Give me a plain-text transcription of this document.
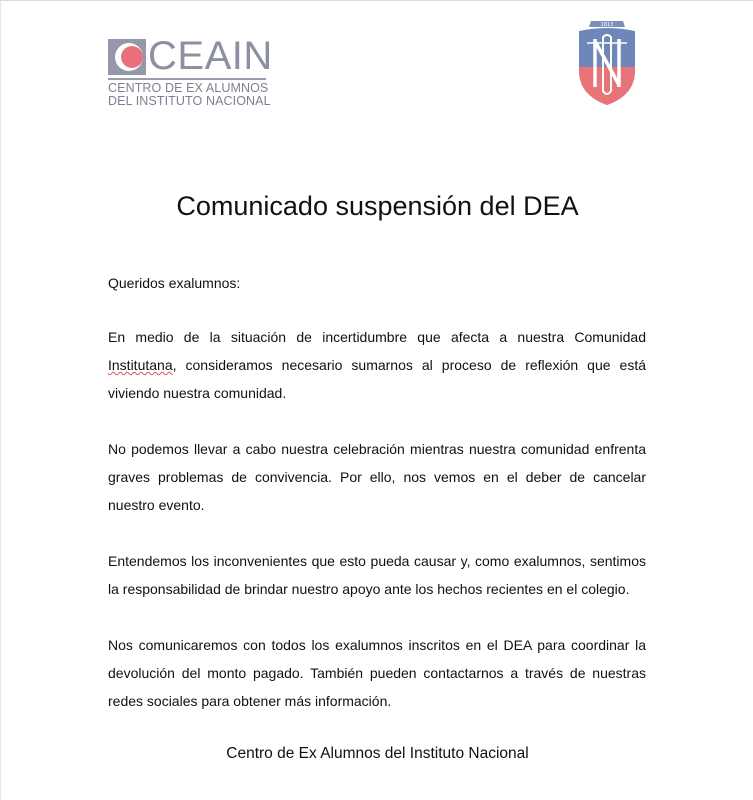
CEAIN
CENTRO DE EX ALUMNOS
DEL INSTITUTO NACIONAL
1813
Comunicado suspensión del DEA
Queridos exalumnos:

En medio de la situación de incertidumbre que afecta a nuestra Comunidad Institutana, consideramos necesario sumarnos al proceso de reflexión que está viviendo nuestra comunidad.

No podemos llevar a cabo nuestra celebración mientras nuestra comunidad enfrenta graves problemas de convivencia. Por ello, nos vemos en el deber de cancelar nuestro evento.

Entendemos los inconvenientes que esto pueda causar y, como exalumnos, sentimos la responsabilidad de brindar nuestro apoyo ante los hechos recientes en el colegio.

Nos comunicaremos con todos los exalumnos inscritos en el DEA para coordinar la devolución del monto pagado. También pueden contactarnos a través de nuestras redes sociales para obtener más información.

Centro de Ex Alumnos del Instituto Nacional
